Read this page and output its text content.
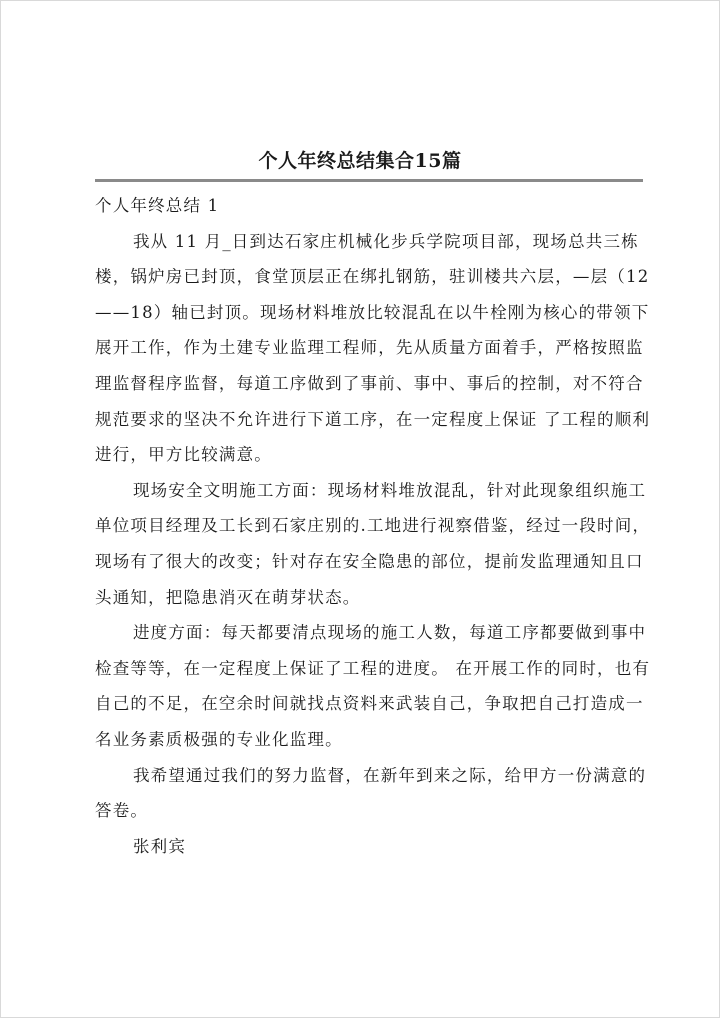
个人年终总结集合15篇

个人年终总结 1

我从 11 月_日到达石家庄机械化步兵学院项目部，现场总共三栋楼，锅炉房已封顶，食堂顶层正在绑扎钢筋，驻训楼共六层，—层（12——18）轴已封顶。现场材料堆放比较混乱在以牛栓刚为核心的带领下展开工作，作为土建专业监理工程师，先从质量方面着手，严格按照监理监督程序监督，每道工序做到了事前、事中、事后的控制，对不符合规范要求的坚决不允许进行下道工序，在一定程度上保证 了工程的顺利进行，甲方比较满意。

现场安全文明施工方面：现场材料堆放混乱，针对此现象组织施工单位项目经理及工长到石家庄别的.工地进行视察借鉴，经过一段时间，现场有了很大的改变；针对存在安全隐患的部位，提前发监理通知且口头通知，把隐患消灭在萌芽状态。

进度方面：每天都要清点现场的施工人数，每道工序都要做到事中检查等等，在一定程度上保证了工程的进度。 在开展工作的同时，也有自己的不足，在空余时间就找点资料来武装自己，争取把自己打造成一名业务素质极强的专业化监理。

我希望通过我们的努力监督，在新年到来之际，给甲方一份满意的答卷。

张利宾
